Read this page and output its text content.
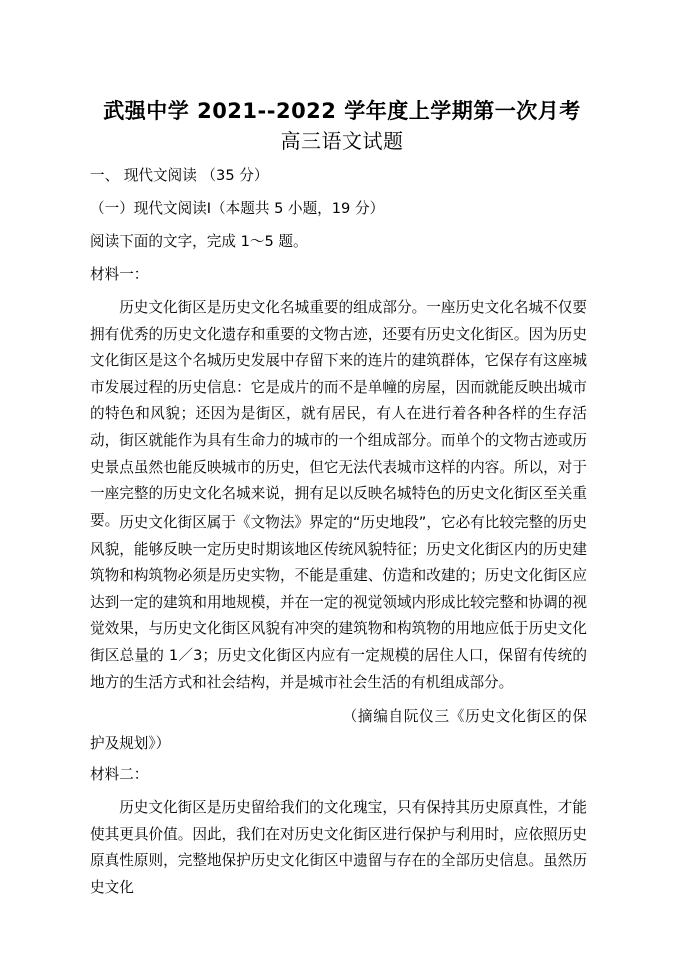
武强中学 2021--2022 学年度上学期第一次月考
高三语文试题
一、 现代文阅读 （35 分）
（一）现代文阅读Ⅰ（本题共 5 小题，19 分）
阅读下面的文字，完成 1～5 题。
材料一：
历史文化街区是历史文化名城重要的组成部分。一座历史文化名城不仅要拥有优秀的历史文化遗存和重要的文物古迹，还要有历史文化街区。因为历史文化街区是这个名城历史发展中存留下来的连片的建筑群体，它保存有这座城市发展过程的历史信息：它是成片的而不是单幢的房屋，因而就能反映出城市的特色和风貌；还因为是街区，就有居民，有人在进行着各种各样的生存活动，街区就能作为具有生命力的城市的一个组成部分。而单个的文物古迹或历史景点虽然也能反映城市的历史，但它无法代表城市这样的内容。所以，对于一座完整的历史文化名城来说，拥有足以反映名城特色的历史文化街区至关重要。 历史文化街区属于《文物法》界定的“历史地段”，它必有比较完整的历史风貌，能够反映一定历史时期该地区传统风貌特征；历史文化街区内的历史建筑物和构筑物必须是历史实物，不能是重建、仿造和改建的；历史文化街区应达到一定的建筑和用地规模，并在一定的视觉领域内形成比较完整和协调的视觉效果，与历史文化街区风貌有冲突的建筑物和构筑物的用地应低于历史文化街区总量的 1／3；历史文化街区内应有一定规模的居住人口，保留有传统的地方的生活方式和社会结构，并是城市社会生活的有机组成部分。
（摘编自阮仪三《历史文化街区的保护及规划》）
材料二：
历史文化街区是历史留给我们的文化瑰宝，只有保持其历史原真性，才能使其更具价值。因此，我们在对历史文化街区进行保护与利用时，应依照历史原真性原则，完整地保护历史文化街区中遗留与存在的全部历史信息。虽然历史文化
